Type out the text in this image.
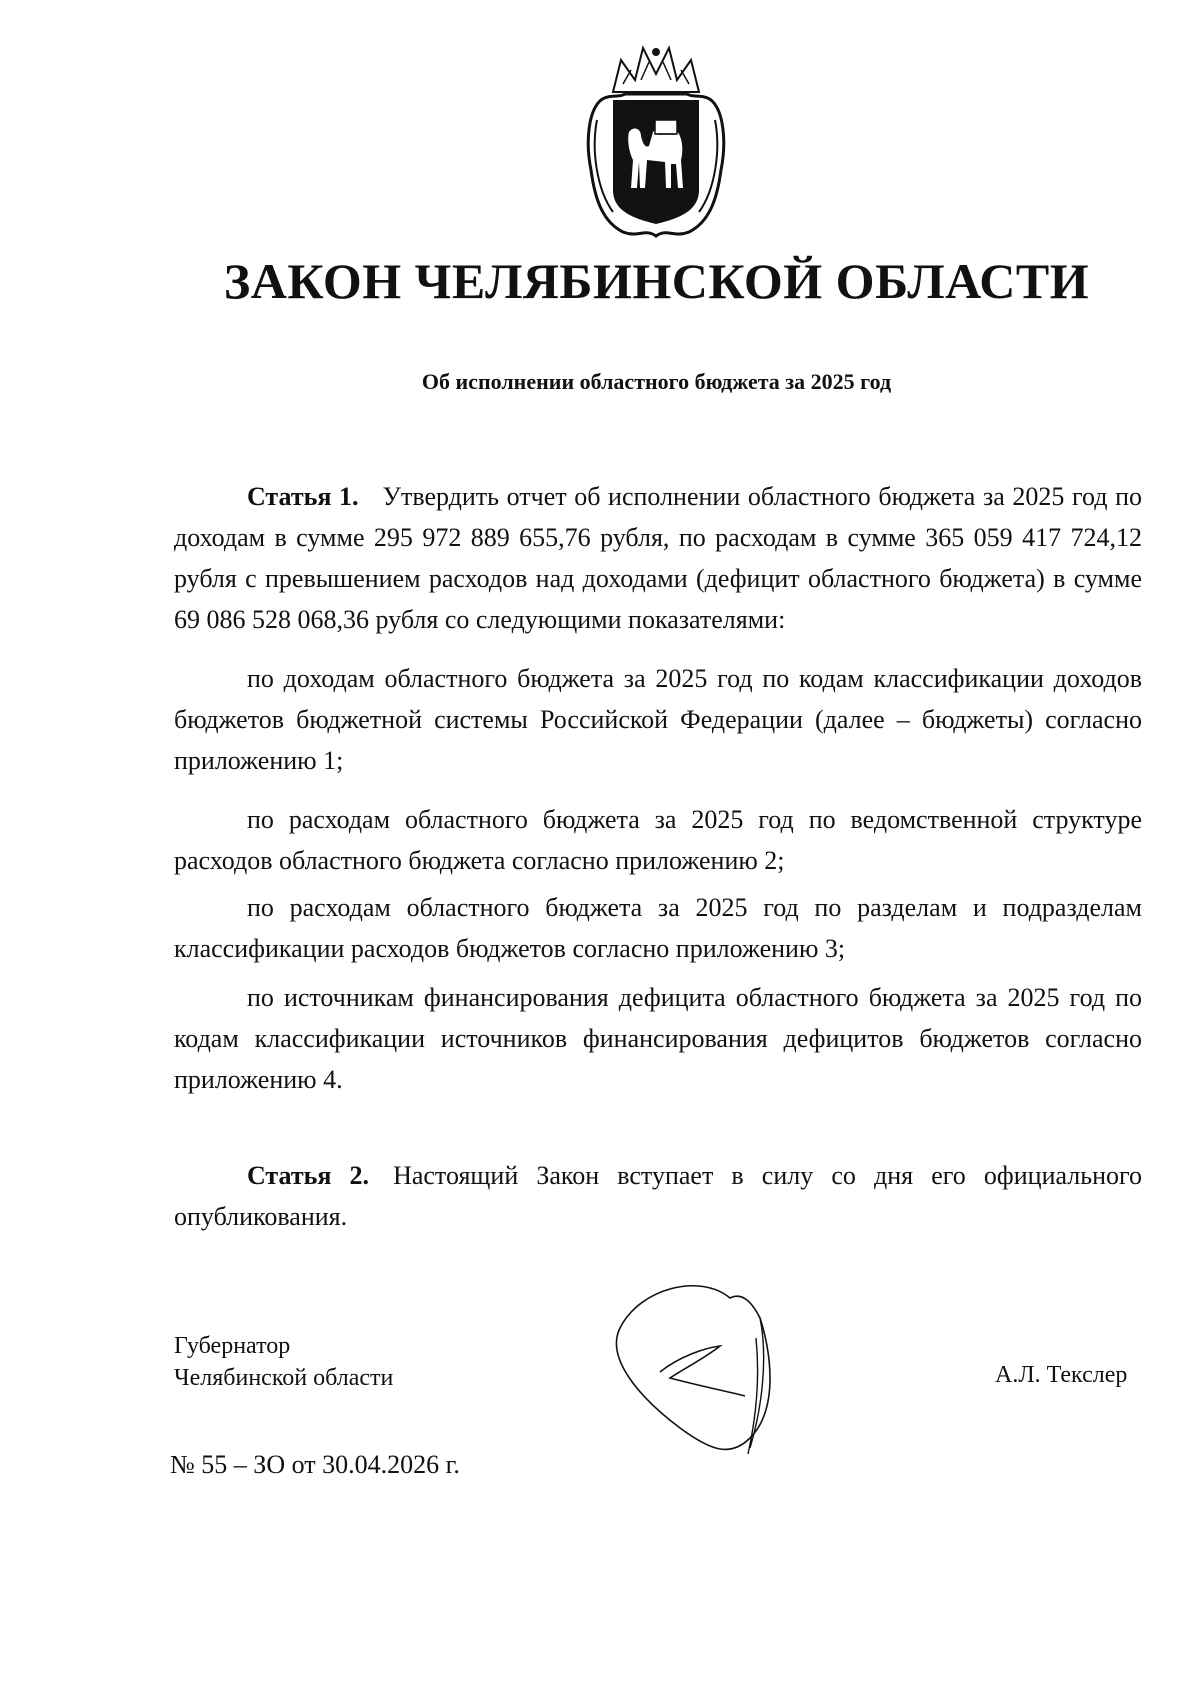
ЗАКОН ЧЕЛЯБИНСКОЙ ОБЛАСТИ
Об исполнении областного бюджета за 2025 год

Статья 1. Утвердить отчет об исполнении областного бюджета за 2025 год по доходам в сумме 295 972 889 655,76 рубля, по расходам в сумме 365 059 417 724,12 рубля с превышением расходов над доходами (дефицит областного бюджета) в сумме 69 086 528 068,36 рубля со следующими показателями:

по доходам областного бюджета за 2025 год по кодам классификации доходов бюджетов бюджетной системы Российской Федерации (далее – бюджеты) согласно приложению 1;

по расходам областного бюджета за 2025 год по ведомственной структуре расходов областного бюджета согласно приложению 2;

по расходам областного бюджета за 2025 год по разделам и подразделам классификации расходов бюджетов согласно приложению 3;

по источникам финансирования дефицита областного бюджета за 2025 год по кодам классификации источников финансирования дефицитов бюджетов согласно приложению 4.

Статья 2. Настоящий Закон вступает в силу со дня его официального опубликования.

Губернатор
Челябинской области	А.Л. Текслер
№ 55 – ЗО от 30.04.2026 г.
